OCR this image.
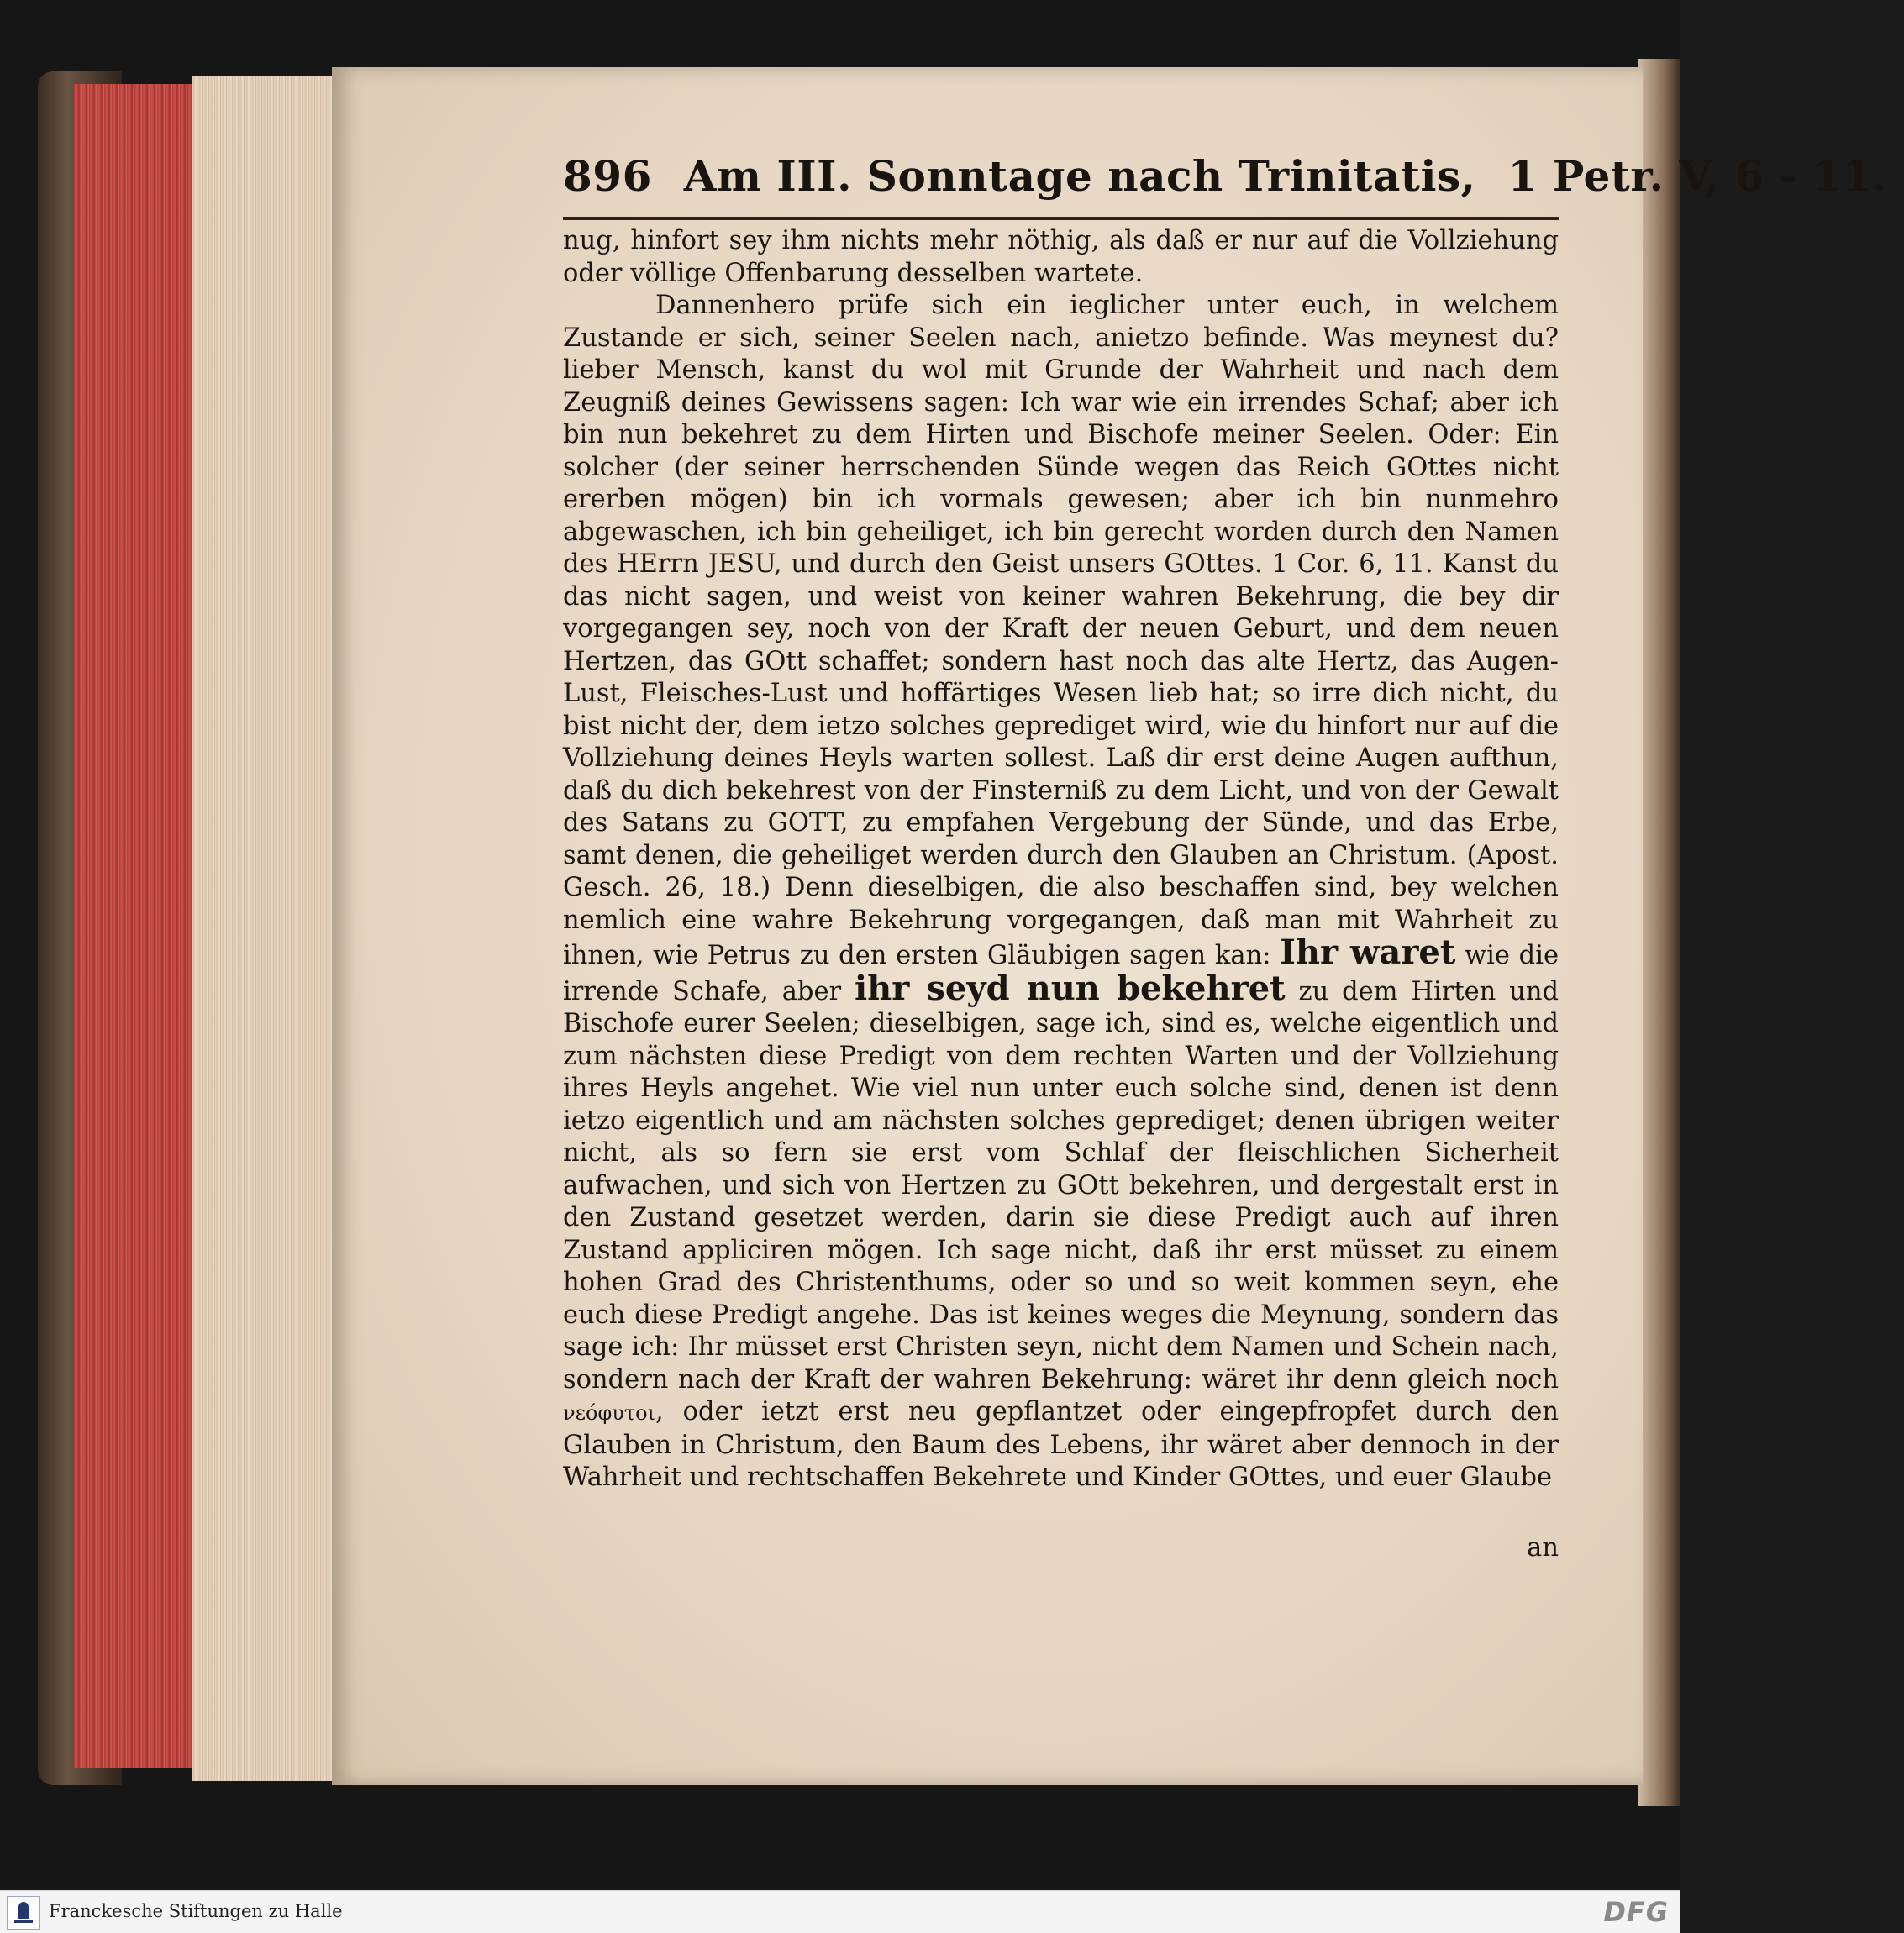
896 Am III. Sonntage nach Trinitatis, 1 Petr. V, 6 - 11.

nug, hinfort sey ihm nichts mehr nöthig, als daß er nur auf die Vollziehung oder völlige Offenbarung desselben wartete.

Dannenhero prüfe sich ein ieglicher unter euch, in welchem Zustande er sich, seiner Seelen nach, anietzo befinde. Was meynest du? lieber Mensch, kanst du wol mit Grunde der Wahrheit und nach dem Zeugniß deines Gewissens sagen: Ich war wie ein irrendes Schaf; aber ich bin nun bekehret zu dem Hirten und Bischofe meiner Seelen. Oder: Ein solcher (der seiner herrschenden Sünde wegen das Reich GOttes nicht ererben mögen) bin ich vormals gewesen; aber ich bin nunmehro abgewaschen, ich bin geheiliget, ich bin gerecht worden durch den Namen des HErrn JESU, und durch den Geist unsers GOttes. 1 Cor. 6, 11. Kanst du das nicht sagen, und weist von keiner wahren Bekehrung, die bey dir vorgegangen sey, noch von der Kraft der neuen Geburt, und dem neuen Hertzen, das GOtt schaffet; sondern hast noch das alte Hertz, das Augen-Lust, Fleisches-Lust und hoffärtiges Wesen lieb hat; so irre dich nicht, du bist nicht der, dem ietzo solches geprediget wird, wie du hinfort nur auf die Vollziehung deines Heyls warten sollest. Laß dir erst deine Augen aufthun, daß du dich bekehrest von der Finsterniß zu dem Licht, und von der Gewalt des Satans zu GOTT, zu empfahen Vergebung der Sünde, und das Erbe, samt denen, die geheiliget werden durch den Glauben an Christum. (Apost. Gesch. 26, 18.) Denn dieselbigen, die also beschaffen sind, bey welchen nemlich eine wahre Bekehrung vorgegangen, daß man mit Wahrheit zu ihnen, wie Petrus zu den ersten Gläubigen sagen kan: Ihr waret wie die irrende Schafe, aber ihr seyd nun bekehret zu dem Hirten und Bischofe eurer Seelen; dieselbigen, sage ich, sind es, welche eigentlich und zum nächsten diese Predigt von dem rechten Warten und der Vollziehung ihres Heyls angehet. Wie viel nun unter euch solche sind, denen ist denn ietzo eigentlich und am nächsten solches geprediget; denen übrigen weiter nicht, als so fern sie erst vom Schlaf der fleischlichen Sicherheit aufwachen, und sich von Hertzen zu GOtt bekehren, und dergestalt erst in den Zustand gesetzet werden, darin sie diese Predigt auch auf ihren Zustand appliciren mögen. Ich sage nicht, daß ihr erst müsset zu einem hohen Grad des Christenthums, oder so und so weit kommen seyn, ehe euch diese Predigt angehe. Das ist keines weges die Meynung, sondern das sage ich: Ihr müsset erst Christen seyn, nicht dem Namen und Schein nach, sondern nach der Kraft der wahren Bekehrung: wäret ihr denn gleich noch νεόφυτοι, oder ietzt erst neu gepflantzet oder eingepfropfet durch den Glauben in Christum, den Baum des Lebens, ihr wäret aber dennoch in der Wahrheit und rechtschaffen Bekehrete und Kinder GOttes, und euer Glaube

an
Franckesche Stiftungen zu Halle	DFG
